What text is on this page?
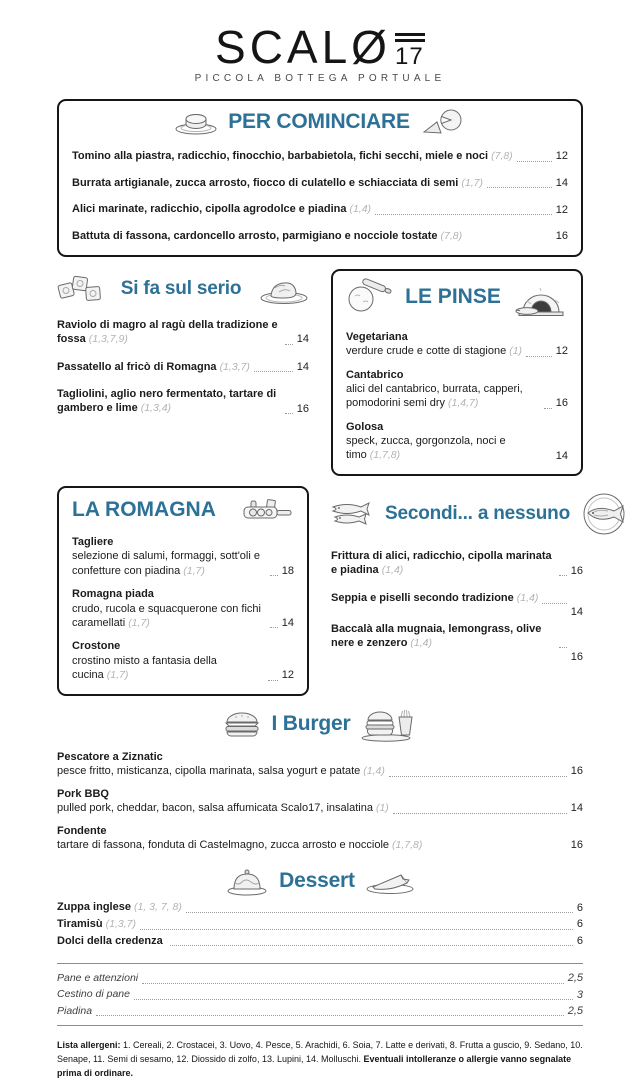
SCALØ 17
PICCOLA BOTTEGA PORTUALE
PER COMINCIARE
Tomino alla piastra, radicchio, finocchio, barbabietola, fichi secchi, miele e noci (7,8)	12
Burrata artigianale, zucca arrosto, fiocco di culatello e schiacciata di semi (1,7)	14
Alici marinate, radicchio, cipolla agrodolce e piadina (1,4)	12
Battuta di fassona, cardoncello arrosto, parmigiano e nocciole tostate (7,8)	16
Si fa sul serio
Raviolo di magro al ragù della tradizione e fossa (1,3,7,9)	14
Passatello al fricò di Romagna (1,3,7)	14
Tagliolini, aglio nero fermentato, tartare di gambero e lime (1,3,4)	16
LE PINSE
Vegetariana
verdure crude e cotte di stagione (1)	12
Cantabrico
alici del cantabrico, burrata, capperi, pomodorini semi dry (1,4,7)	16
Golosa
speck, zucca, gorgonzola, noci e timo (1,7,8)	14
LA ROMAGNA
Tagliere
selezione di salumi, formaggi, sott'oli e confetture con piadina (1,7)	18
Romagna piada
crudo, rucola e squacquerone con fichi caramellati (1,7)	14
Crostone
crostino misto a fantasia della cucina (1,7)	12
Secondi... a nessuno
Frittura di alici, radicchio, cipolla marinata e piadina (1,4)	16
Seppia e piselli secondo tradizione (1,4)
14
Baccalà alla mugnaia, lemongrass, olive nere e zenzero (1,4)
16
I Burger
Pescatore a Ziznatic
pesce fritto, misticanza, cipolla marinata, salsa yogurt e patate (1,4)	16
Pork BBQ
pulled pork, cheddar, bacon, salsa affumicata Scalo17, insalatina (1)	14
Fondente
tartare di fassona, fonduta di Castelmagno, zucca arrosto e nocciole (1,7,8)	16
Dessert
Zuppa inglese (1, 3, 7, 8)	6
Tiramisù (1,3,7)	6
Dolci della credenza	6
Pane e attenzioni	2,5
Cestino di pane	3
Piadina	2,5
Lista allergeni: 1. Cereali, 2. Crostacei, 3. Uovo, 4. Pesce, 5. Arachidi, 6. Soia, 7. Latte e derivati, 8. Frutta a guscio, 9. Sedano, 10. Senape, 11. Semi di sesamo, 12. Diossido di zolfo, 13. Lupini, 14. Molluschi. Eventuali intolleranze o allergie vanno segnalate prima di ordinare.
